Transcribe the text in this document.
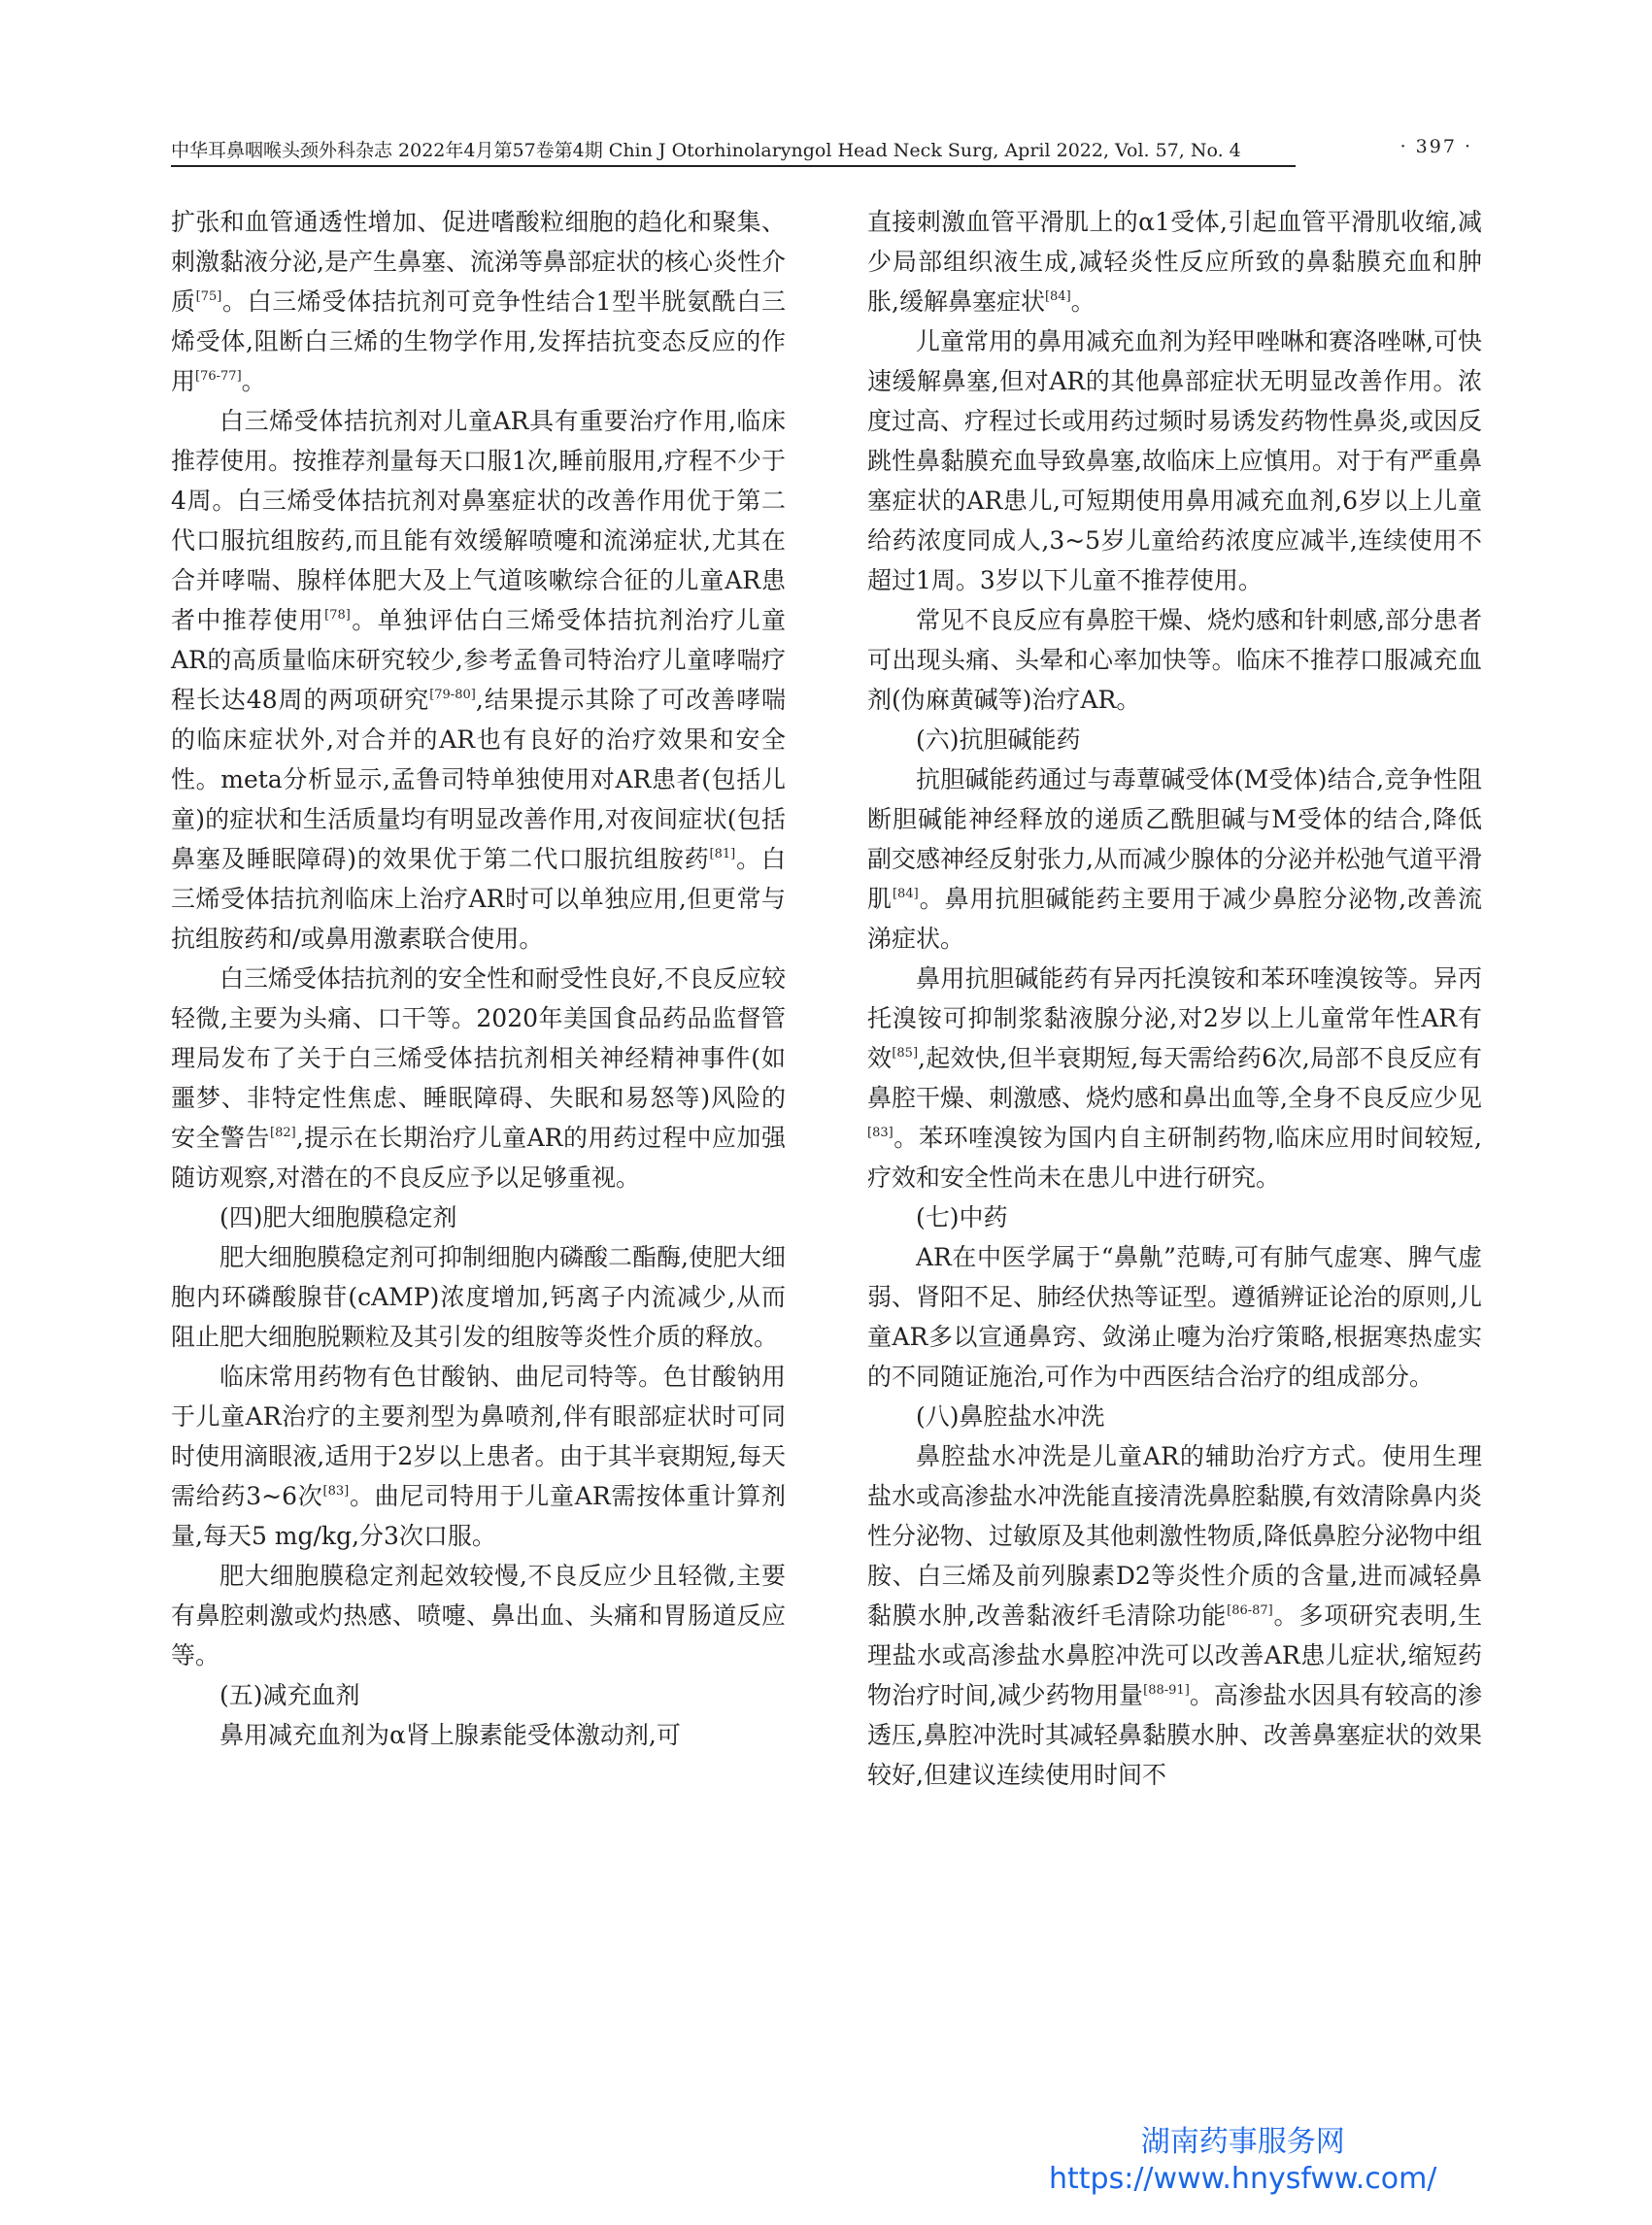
中华耳鼻咽喉头颈外科杂志 2022年4月第57卷第4期 Chin J Otorhinolaryngol Head Neck Surg, April 2022, Vol. 57, No. 4	· 397 ·

扩张和血管通透性增加、促进嗜酸粒细胞的趋化和聚集、刺激黏液分泌,是产生鼻塞、流涕等鼻部症状的核心炎性介质[75]。白三烯受体拮抗剂可竞争性结合1型半胱氨酰白三烯受体,阻断白三烯的生物学作用,发挥拮抗变态反应的作用[76-77]。

白三烯受体拮抗剂对儿童AR具有重要治疗作用,临床推荐使用。按推荐剂量每天口服1次,睡前服用,疗程不少于4周。白三烯受体拮抗剂对鼻塞症状的改善作用优于第二代口服抗组胺药,而且能有效缓解喷嚏和流涕症状,尤其在合并哮喘、腺样体肥大及上气道咳嗽综合征的儿童AR患者中推荐使用[78]。单独评估白三烯受体拮抗剂治疗儿童AR的高质量临床研究较少,参考孟鲁司特治疗儿童哮喘疗程长达48周的两项研究[79-80],结果提示其除了可改善哮喘的临床症状外,对合并的AR也有良好的治疗效果和安全性。meta分析显示,孟鲁司特单独使用对AR患者(包括儿童)的症状和生活质量均有明显改善作用,对夜间症状(包括鼻塞及睡眠障碍)的效果优于第二代口服抗组胺药[81]。白三烯受体拮抗剂临床上治疗AR时可以单独应用,但更常与抗组胺药和/或鼻用激素联合使用。

白三烯受体拮抗剂的安全性和耐受性良好,不良反应较轻微,主要为头痛、口干等。2020年美国食品药品监督管理局发布了关于白三烯受体拮抗剂相关神经精神事件(如噩梦、非特定性焦虑、睡眠障碍、失眠和易怒等)风险的安全警告[82],提示在长期治疗儿童AR的用药过程中应加强随访观察,对潜在的不良反应予以足够重视。

(四)肥大细胞膜稳定剂

肥大细胞膜稳定剂可抑制细胞内磷酸二酯酶,使肥大细胞内环磷酸腺苷(cAMP)浓度增加,钙离子内流减少,从而阻止肥大细胞脱颗粒及其引发的组胺等炎性介质的释放。

临床常用药物有色甘酸钠、曲尼司特等。色甘酸钠用于儿童AR治疗的主要剂型为鼻喷剂,伴有眼部症状时可同时使用滴眼液,适用于2岁以上患者。由于其半衰期短,每天需给药3~6次[83]。曲尼司特用于儿童AR需按体重计算剂量,每天5 mg/kg,分3次口服。

肥大细胞膜稳定剂起效较慢,不良反应少且轻微,主要有鼻腔刺激或灼热感、喷嚏、鼻出血、头痛和胃肠道反应等。

(五)减充血剂

鼻用减充血剂为α肾上腺素能受体激动剂,可

直接刺激血管平滑肌上的α1受体,引起血管平滑肌收缩,减少局部组织液生成,减轻炎性反应所致的鼻黏膜充血和肿胀,缓解鼻塞症状[84]。

儿童常用的鼻用减充血剂为羟甲唑啉和赛洛唑啉,可快速缓解鼻塞,但对AR的其他鼻部症状无明显改善作用。浓度过高、疗程过长或用药过频时易诱发药物性鼻炎,或因反跳性鼻黏膜充血导致鼻塞,故临床上应慎用。对于有严重鼻塞症状的AR患儿,可短期使用鼻用减充血剂,6岁以上儿童给药浓度同成人,3~5岁儿童给药浓度应减半,连续使用不超过1周。3岁以下儿童不推荐使用。

常见不良反应有鼻腔干燥、烧灼感和针刺感,部分患者可出现头痛、头晕和心率加快等。临床不推荐口服减充血剂(伪麻黄碱等)治疗AR。

(六)抗胆碱能药

抗胆碱能药通过与毒蕈碱受体(M受体)结合,竞争性阻断胆碱能神经释放的递质乙酰胆碱与M受体的结合,降低副交感神经反射张力,从而减少腺体的分泌并松弛气道平滑肌[84]。鼻用抗胆碱能药主要用于减少鼻腔分泌物,改善流涕症状。

鼻用抗胆碱能药有异丙托溴铵和苯环喹溴铵等。异丙托溴铵可抑制浆黏液腺分泌,对2岁以上儿童常年性AR有效[85],起效快,但半衰期短,每天需给药6次,局部不良反应有鼻腔干燥、刺激感、烧灼感和鼻出血等,全身不良反应少见[83]。苯环喹溴铵为国内自主研制药物,临床应用时间较短,疗效和安全性尚未在患儿中进行研究。

(七)中药

AR在中医学属于“鼻鼽”范畴,可有肺气虚寒、脾气虚弱、肾阳不足、肺经伏热等证型。遵循辨证论治的原则,儿童AR多以宣通鼻窍、敛涕止嚏为治疗策略,根据寒热虚实的不同随证施治,可作为中西医结合治疗的组成部分。

(八)鼻腔盐水冲洗

鼻腔盐水冲洗是儿童AR的辅助治疗方式。使用生理盐水或高渗盐水冲洗能直接清洗鼻腔黏膜,有效清除鼻内炎性分泌物、过敏原及其他刺激性物质,降低鼻腔分泌物中组胺、白三烯及前列腺素D2等炎性介质的含量,进而减轻鼻黏膜水肿,改善黏液纤毛清除功能[86-87]。多项研究表明,生理盐水或高渗盐水鼻腔冲洗可以改善AR患儿症状,缩短药物治疗时间,减少药物用量[88-91]。高渗盐水因具有较高的渗透压,鼻腔冲洗时其减轻鼻黏膜水肿、改善鼻塞症状的效果较好,但建议连续使用时间不

湖南药事服务网
https://www.hnysfww.com/
